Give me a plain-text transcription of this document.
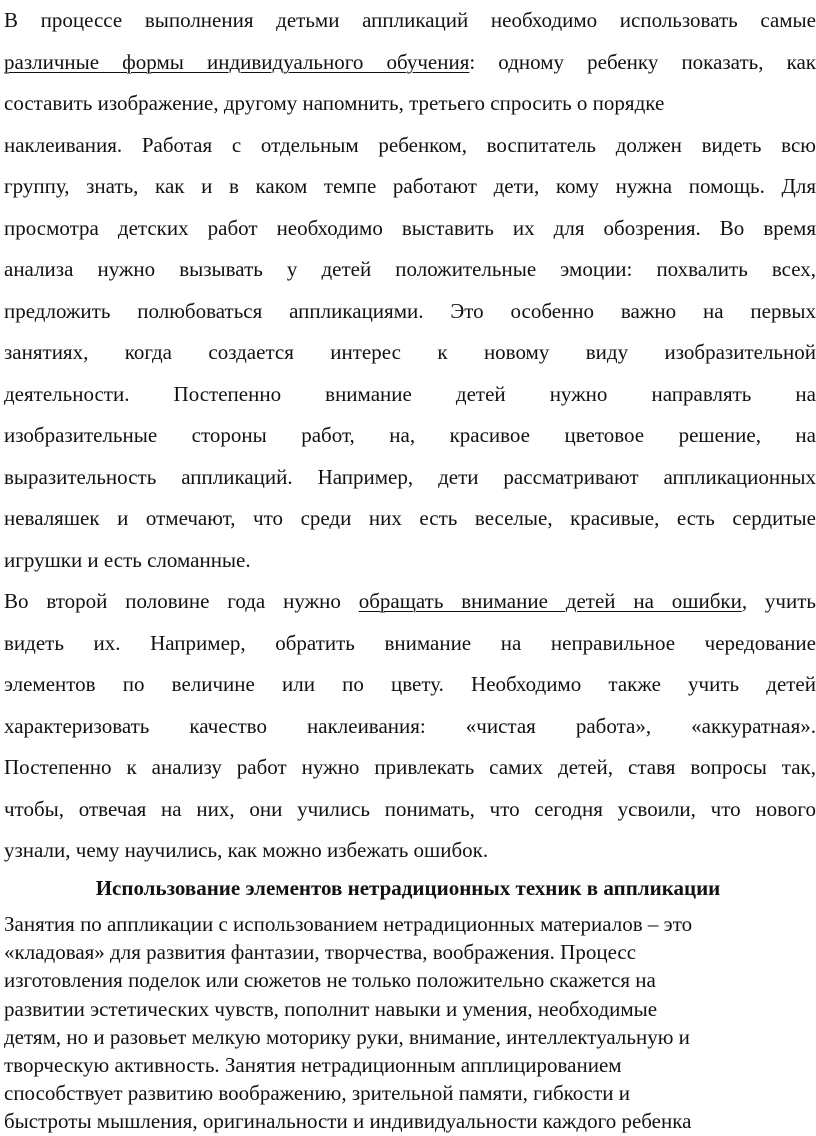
В процессе выполнения детьми аппликаций необходимо использовать самые
различные формы индивидуального обучения: одному ребенку показать, как
составить изображение, другому напомнить, третьего спросить о порядке
наклеивания. Работая с отдельным ребенком, воспитатель должен видеть всю
группу, знать, как и в каком темпе работают дети, кому нужна помощь. Для
просмотра детских работ необходимо выставить их для обозрения. Во время
анализа нужно вызывать у детей положительные эмоции: похвалить всех,
предложить полюбоваться аппликациями. Это особенно важно на первых
занятиях, когда создается интерес к новому виду изобразительной
деятельности. Постепенно внимание детей нужно направлять на
изобразительные стороны работ, на, красивое цветовое решение, на
выразительность аппликаций. Например, дети рассматривают аппликационных
неваляшек и отмечают, что среди них есть веселые, красивые, есть сердитые
игрушки и есть сломанные.
Во второй половине года нужно обращать внимание детей на ошибки, учить
видеть их. Например, обратить внимание на неправильное чередование
элементов по величине или по цвету. Необходимо также учить детей
характеризовать качество наклеивания: «чистая работа», «аккуратная».
Постепенно к анализу работ нужно привлекать самих детей, ставя вопросы так,
чтобы, отвечая на них, они учились понимать, что сегодня усвоили, что нового
узнали, чему научились, как можно избежать ошибок.
Использование элементов нетрадиционных техник в аппликации
Занятия по аппликации с использованием нетрадиционных материалов – это
«кладовая» для развития фантазии, творчества, воображения. Процесс
изготовления поделок или сюжетов не только положительно скажется на
развитии эстетических чувств, пополнит навыки и умения, необходимые
детям, но и разовьет мелкую моторику руки, внимание, интеллектуальную и
творческую активность. Занятия нетрадиционным апплицированием
способствует развитию воображению, зрительной памяти, гибкости и
быстроты мышления, оригинальности и индивидуальности каждого ребенка
